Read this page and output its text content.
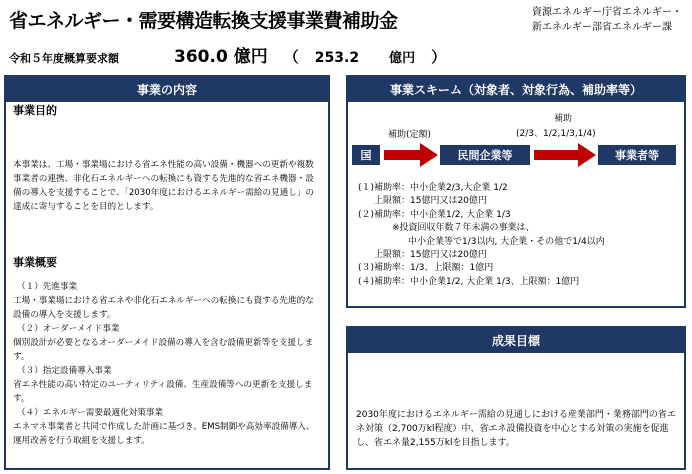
省エネルギー・需要構造転換支援事業費補助金	資源エネルギー庁省エネルギー・
新エネルギー部省エネルギー課
令和５年度概算要求額	360.0 億円 （ 253.2 億円 ）
事業の内容
事業目的
本事業は、工場・事業場における省エネ性能の高い設備・機器への更新や複数事業者の連携、非化石エネルギーへの転換にも資する先進的な省エネ機器・設備の導入を支援することで、「2030年度におけるエネルギー需給の見通し」の達成に寄与することを目的とします。
事業概要
（１）先進事業
工場・事業場における省エネや非化石エネルギーへの転換にも資する先進的な設備の導入を支援します。
（２）オーダーメイド事業
個別設計が必要となるオーダーメイド設備の導入を含む設備更新等を支援します。
（３）指定設備導入事業
省エネ性能の高い特定のユーティリティ設備、生産設備等への更新を支援します。
（４）エネルギー需要最適化対策事業
エネマネ事業者と共同で作成した計画に基づき、EMS制御や高効率設備導入、運用改善を行う取組を支援します。
事業スキーム（対象者、対象行為、補助率等）
補助(定額)
補助
(2/3、1/2,1/3,1/4)
国	民間企業等	事業者等
(１)補助率：中小企業2/3,大企業 1/2
上限額：15億円又は20億円
(２)補助率：中小企業1/2, 大企業 1/3
※投資回収年数７年未満の事業は、
中小企業等で1/3以内, 大企業・その他で1/4以内
上限額：15億円又は20億円
(３)補助率：1/3、上限額：1億円
(４)補助率：中小企業1/2, 大企業 1/3、上限額：1億円
成果目標
2030年度におけるエネルギー需給の見通しにおける産業部門・業務部門の省エネ対策（2,700万kl程度）中、省エネ設備投資を中心とする対策の実施を促進し、省エネ量2,155万klを目指します。
